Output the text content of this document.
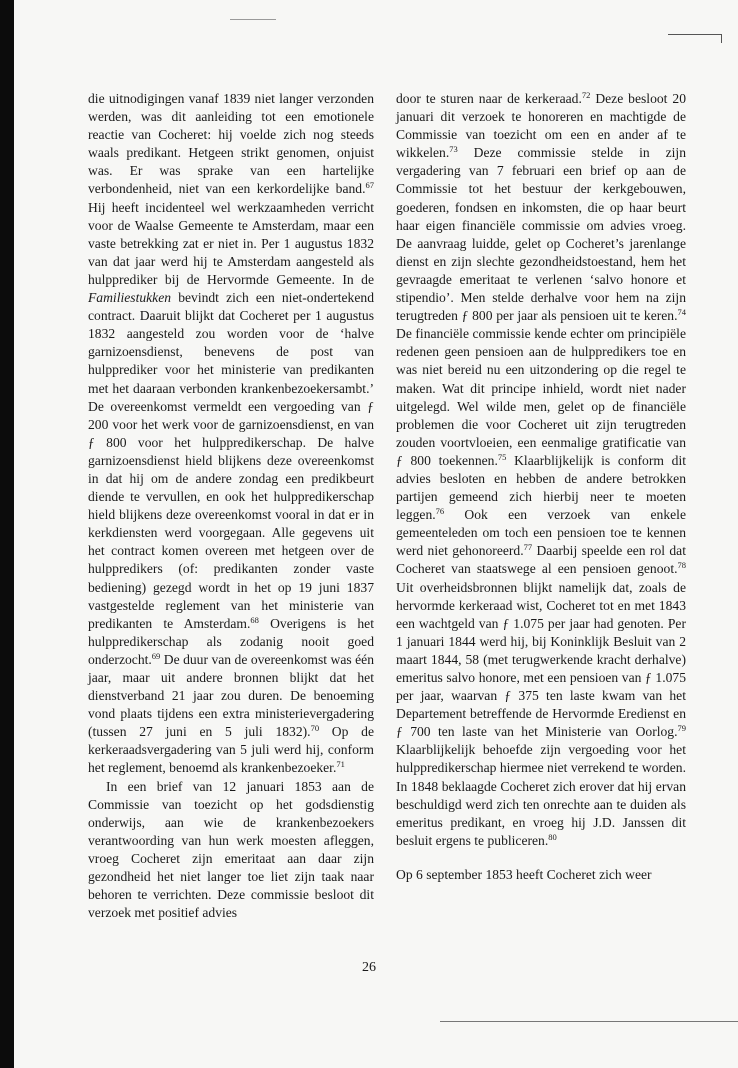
die uitnodigingen vanaf 1839 niet langer verzonden werden, was dit aanleiding tot een emotionele reactie van Cocheret: hij voelde zich nog steeds waals predikant. Hetgeen strikt genomen, onjuist was. Er was sprake van een hartelijke verbondenheid, niet van een kerkordelijke band.$^{67}$ Hij heeft incidenteel wel werkzaamheden verricht voor de Waalse Gemeente te Amsterdam, maar een vaste betrekking zat er niet in. Per 1 augustus 1832 van dat jaar werd hij te Amsterdam aangesteld als hulpprediker bij de Hervormde Gemeente. In de Familiestukken bevindt zich een niet-ondertekend contract. Daaruit blijkt dat Cocheret per 1 augustus 1832 aangesteld zou worden voor de ‘halve garnizoensdienst, benevens de post van hulpprediker voor het ministerie van predikanten met het daaraan verbonden krankenbezoekersambt.’ De overeenkomst vermeldt een vergoeding van ƒ 200 voor het werk voor de garnizoensdienst, en van ƒ 800 voor het hulppredikerschap. De halve garnizoensdienst hield blijkens deze overeenkomst in dat hij om de andere zondag een predikbeurt diende te vervullen, en ook het hulppredikerschap hield blijkens deze overeenkomst vooral in dat er in kerkdiensten werd voorgegaan. Alle gegevens uit het contract komen overeen met hetgeen over de hulppredikers (of: predikanten zonder vaste bediening) gezegd wordt in het op 19 juni 1837 vastgestelde reglement van het ministerie van predikanten te Amsterdam.$^{68}$ Overigens is het hulppredikerschap als zodanig nooit goed onderzocht.$^{69}$ De duur van de overeenkomst was één jaar, maar uit andere bronnen blijkt dat het dienstverband 21 jaar zou duren. De benoeming vond plaats tijdens een extra ministerievergadering (tussen 27 juni en 5 juli 1832).$^{70}$ Op de kerkeraadsvergadering van 5 juli werd hij, conform het reglement, benoemd als krankenbezoeker.$^{71}$

In een brief van 12 januari 1853 aan de Commissie van toezicht op het godsdienstig onderwijs, aan wie de krankenbezoekers verantwoording van hun werk moesten afleggen, vroeg Cocheret zijn emeritaat aan daar zijn gezondheid het niet langer toe liet zijn taak naar behoren te verrichten. Deze commissie besloot dit verzoek met positief advies

door te sturen naar de kerkeraad.$^{72}$ Deze besloot 20 januari dit verzoek te honoreren en machtigde de Commissie van toezicht om een en ander af te wikkelen.$^{73}$ Deze commissie stelde in zijn vergadering van 7 februari een brief op aan de Commissie tot het bestuur der kerkgebouwen, goederen, fondsen en inkomsten, die op haar beurt haar eigen financiële commissie om advies vroeg. De aanvraag luidde, gelet op Cocheret’s jarenlange dienst en zijn slechte gezondheidstoestand, hem het gevraagde emeritaat te verlenen ‘salvo honore et stipendio’. Men stelde derhalve voor hem na zijn terugtreden ƒ 800 per jaar als pensioen uit te keren.$^{74}$ De financiële commissie kende echter om principiële redenen geen pensioen aan de hulppredikers toe en was niet bereid nu een uitzondering op die regel te maken. Wat dit principe inhield, wordt niet nader uitgelegd. Wel wilde men, gelet op de financiële problemen die voor Cocheret uit zijn terugtreden zouden voortvloeien, een eenmalige gratificatie van ƒ 800 toekennen.$^{75}$ Klaarblijkelijk is conform dit advies besloten en hebben de andere betrokken partijen gemeend zich hierbij neer te moeten leggen.$^{76}$ Ook een verzoek van enkele gemeenteleden om toch een pensioen toe te kennen werd niet gehonoreerd.$^{77}$ Daarbij speelde een rol dat Cocheret van staatswege al een pensioen genoot.$^{78}$ Uit overheidsbronnen blijkt namelijk dat, zoals de hervormde kerkeraad wist, Cocheret tot en met 1843 een wachtgeld van ƒ 1.075 per jaar had genoten. Per 1 januari 1844 werd hij, bij Koninklijk Besluit van 2 maart 1844, 58 (met terugwerkende kracht derhalve) emeritus salvo honore, met een pensioen van ƒ 1.075 per jaar, waarvan ƒ 375 ten laste kwam van het Departement betreffende de Hervormde Eredienst en ƒ 700 ten laste van het Ministerie van Oorlog.$^{79}$ Klaarblijkelijk behoefde zijn vergoeding voor het hulppredikerschap hiermee niet verrekend te worden. In 1848 beklaagde Cocheret zich erover dat hij ervan beschuldigd werd zich ten onrechte aan te duiden als emeritus predikant, en vroeg hij J.D. Janssen dit besluit ergens te publiceren.$^{80}$

Op 6 september 1853 heeft Cocheret zich weer

26
